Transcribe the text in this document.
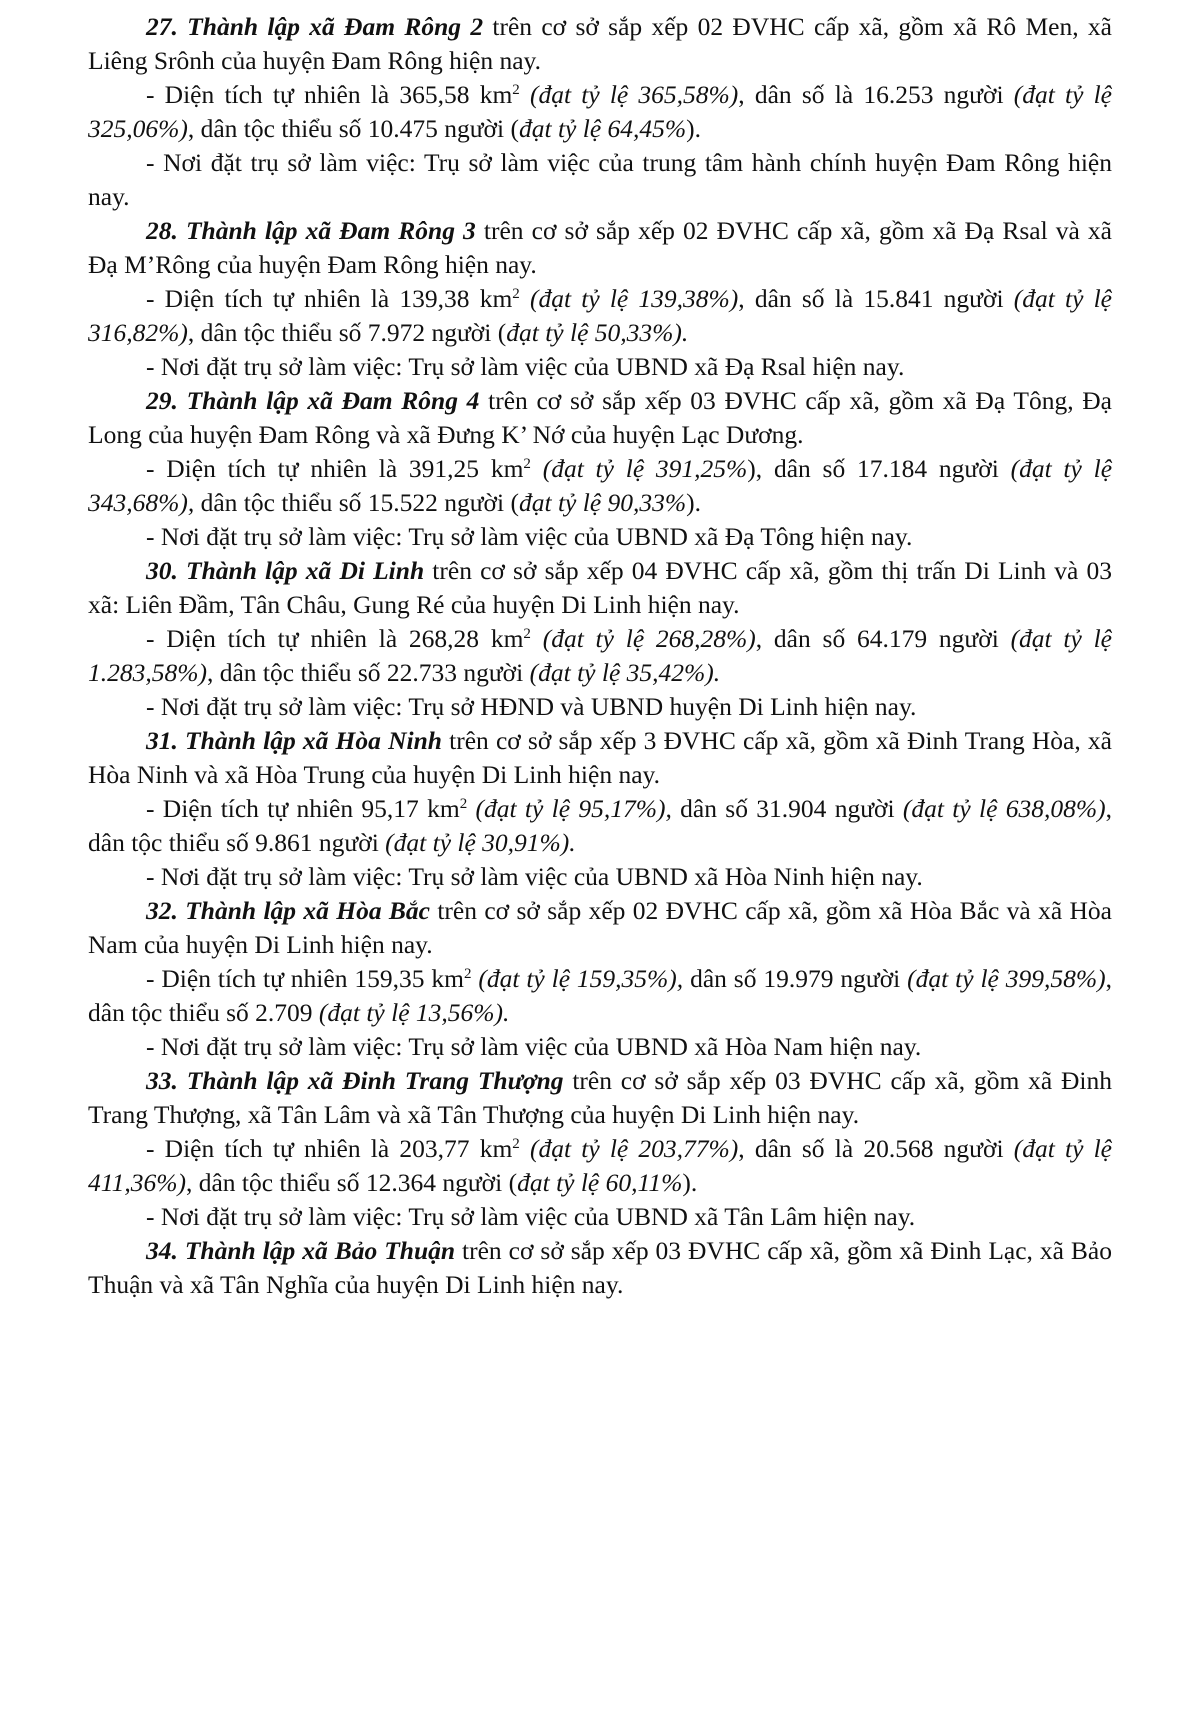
27. Thành lập xã Đam Rông 2 trên cơ sở sắp xếp 02 ĐVHC cấp xã, gồm xã Rô Men, xã Liêng Srônh của huyện Đam Rông hiện nay.

- Diện tích tự nhiên là 365,58 $km^2$ (đạt tỷ lệ 365,58%), dân số là 16.253 người (đạt tỷ lệ 325,06%), dân tộc thiểu số 10.475 người (đạt tỷ lệ 64,45%).

- Nơi đặt trụ sở làm việc: Trụ sở làm việc của trung tâm hành chính huyện Đam Rông hiện nay.

28. Thành lập xã Đam Rông 3 trên cơ sở sắp xếp 02 ĐVHC cấp xã, gồm xã Đạ Rsal và xã Đạ M’Rông của huyện Đam Rông hiện nay.

- Diện tích tự nhiên là 139,38 $km^2$ (đạt tỷ lệ 139,38%), dân số là 15.841 người (đạt tỷ lệ 316,82%), dân tộc thiểu số 7.972 người (đạt tỷ lệ 50,33%).

- Nơi đặt trụ sở làm việc: Trụ sở làm việc của UBND xã Đạ Rsal hiện nay.

29. Thành lập xã Đam Rông 4 trên cơ sở sắp xếp 03 ĐVHC cấp xã, gồm xã Đạ Tông, Đạ Long của huyện Đam Rông và xã Đưng K’ Nớ của huyện Lạc Dương.

- Diện tích tự nhiên là 391,25 $km^2$ (đạt tỷ lệ 391,25%), dân số 17.184 người (đạt tỷ lệ 343,68%), dân tộc thiểu số 15.522 người (đạt tỷ lệ 90,33%).

- Nơi đặt trụ sở làm việc: Trụ sở làm việc của UBND xã Đạ Tông hiện nay.

30. Thành lập xã Di Linh trên cơ sở sắp xếp 04 ĐVHC cấp xã, gồm thị trấn Di Linh và 03 xã: Liên Đầm, Tân Châu, Gung Ré của huyện Di Linh hiện nay.

- Diện tích tự nhiên là 268,28 $km^2$ (đạt tỷ lệ 268,28%), dân số 64.179 người (đạt tỷ lệ 1.283,58%), dân tộc thiểu số 22.733 người (đạt tỷ lệ 35,42%).

- Nơi đặt trụ sở làm việc: Trụ sở HĐND và UBND huyện Di Linh hiện nay.

31. Thành lập xã Hòa Ninh trên cơ sở sắp xếp 3 ĐVHC cấp xã, gồm xã Đinh Trang Hòa, xã Hòa Ninh và xã Hòa Trung của huyện Di Linh hiện nay.

- Diện tích tự nhiên 95,17 $km^2$ (đạt tỷ lệ 95,17%), dân số 31.904 người (đạt tỷ lệ 638,08%), dân tộc thiểu số 9.861 người (đạt tỷ lệ 30,91%).

- Nơi đặt trụ sở làm việc: Trụ sở làm việc của UBND xã Hòa Ninh hiện nay.

32. Thành lập xã Hòa Bắc trên cơ sở sắp xếp 02 ĐVHC cấp xã, gồm xã Hòa Bắc và xã Hòa Nam của huyện Di Linh hiện nay.

- Diện tích tự nhiên 159,35 $km^2$ (đạt tỷ lệ 159,35%), dân số 19.979 người (đạt tỷ lệ 399,58%), dân tộc thiểu số 2.709 (đạt tỷ lệ 13,56%).

- Nơi đặt trụ sở làm việc: Trụ sở làm việc của UBND xã Hòa Nam hiện nay.

33. Thành lập xã Đinh Trang Thượng trên cơ sở sắp xếp 03 ĐVHC cấp xã, gồm xã Đinh Trang Thượng, xã Tân Lâm và xã Tân Thượng của huyện Di Linh hiện nay.

- Diện tích tự nhiên là 203,77 $km^2$ (đạt tỷ lệ 203,77%), dân số là 20.568 người (đạt tỷ lệ 411,36%), dân tộc thiểu số 12.364 người (đạt tỷ lệ 60,11%).

- Nơi đặt trụ sở làm việc: Trụ sở làm việc của UBND xã Tân Lâm hiện nay.

34. Thành lập xã Bảo Thuận trên cơ sở sắp xếp 03 ĐVHC cấp xã, gồm xã Đinh Lạc, xã Bảo Thuận và xã Tân Nghĩa của huyện Di Linh hiện nay.
